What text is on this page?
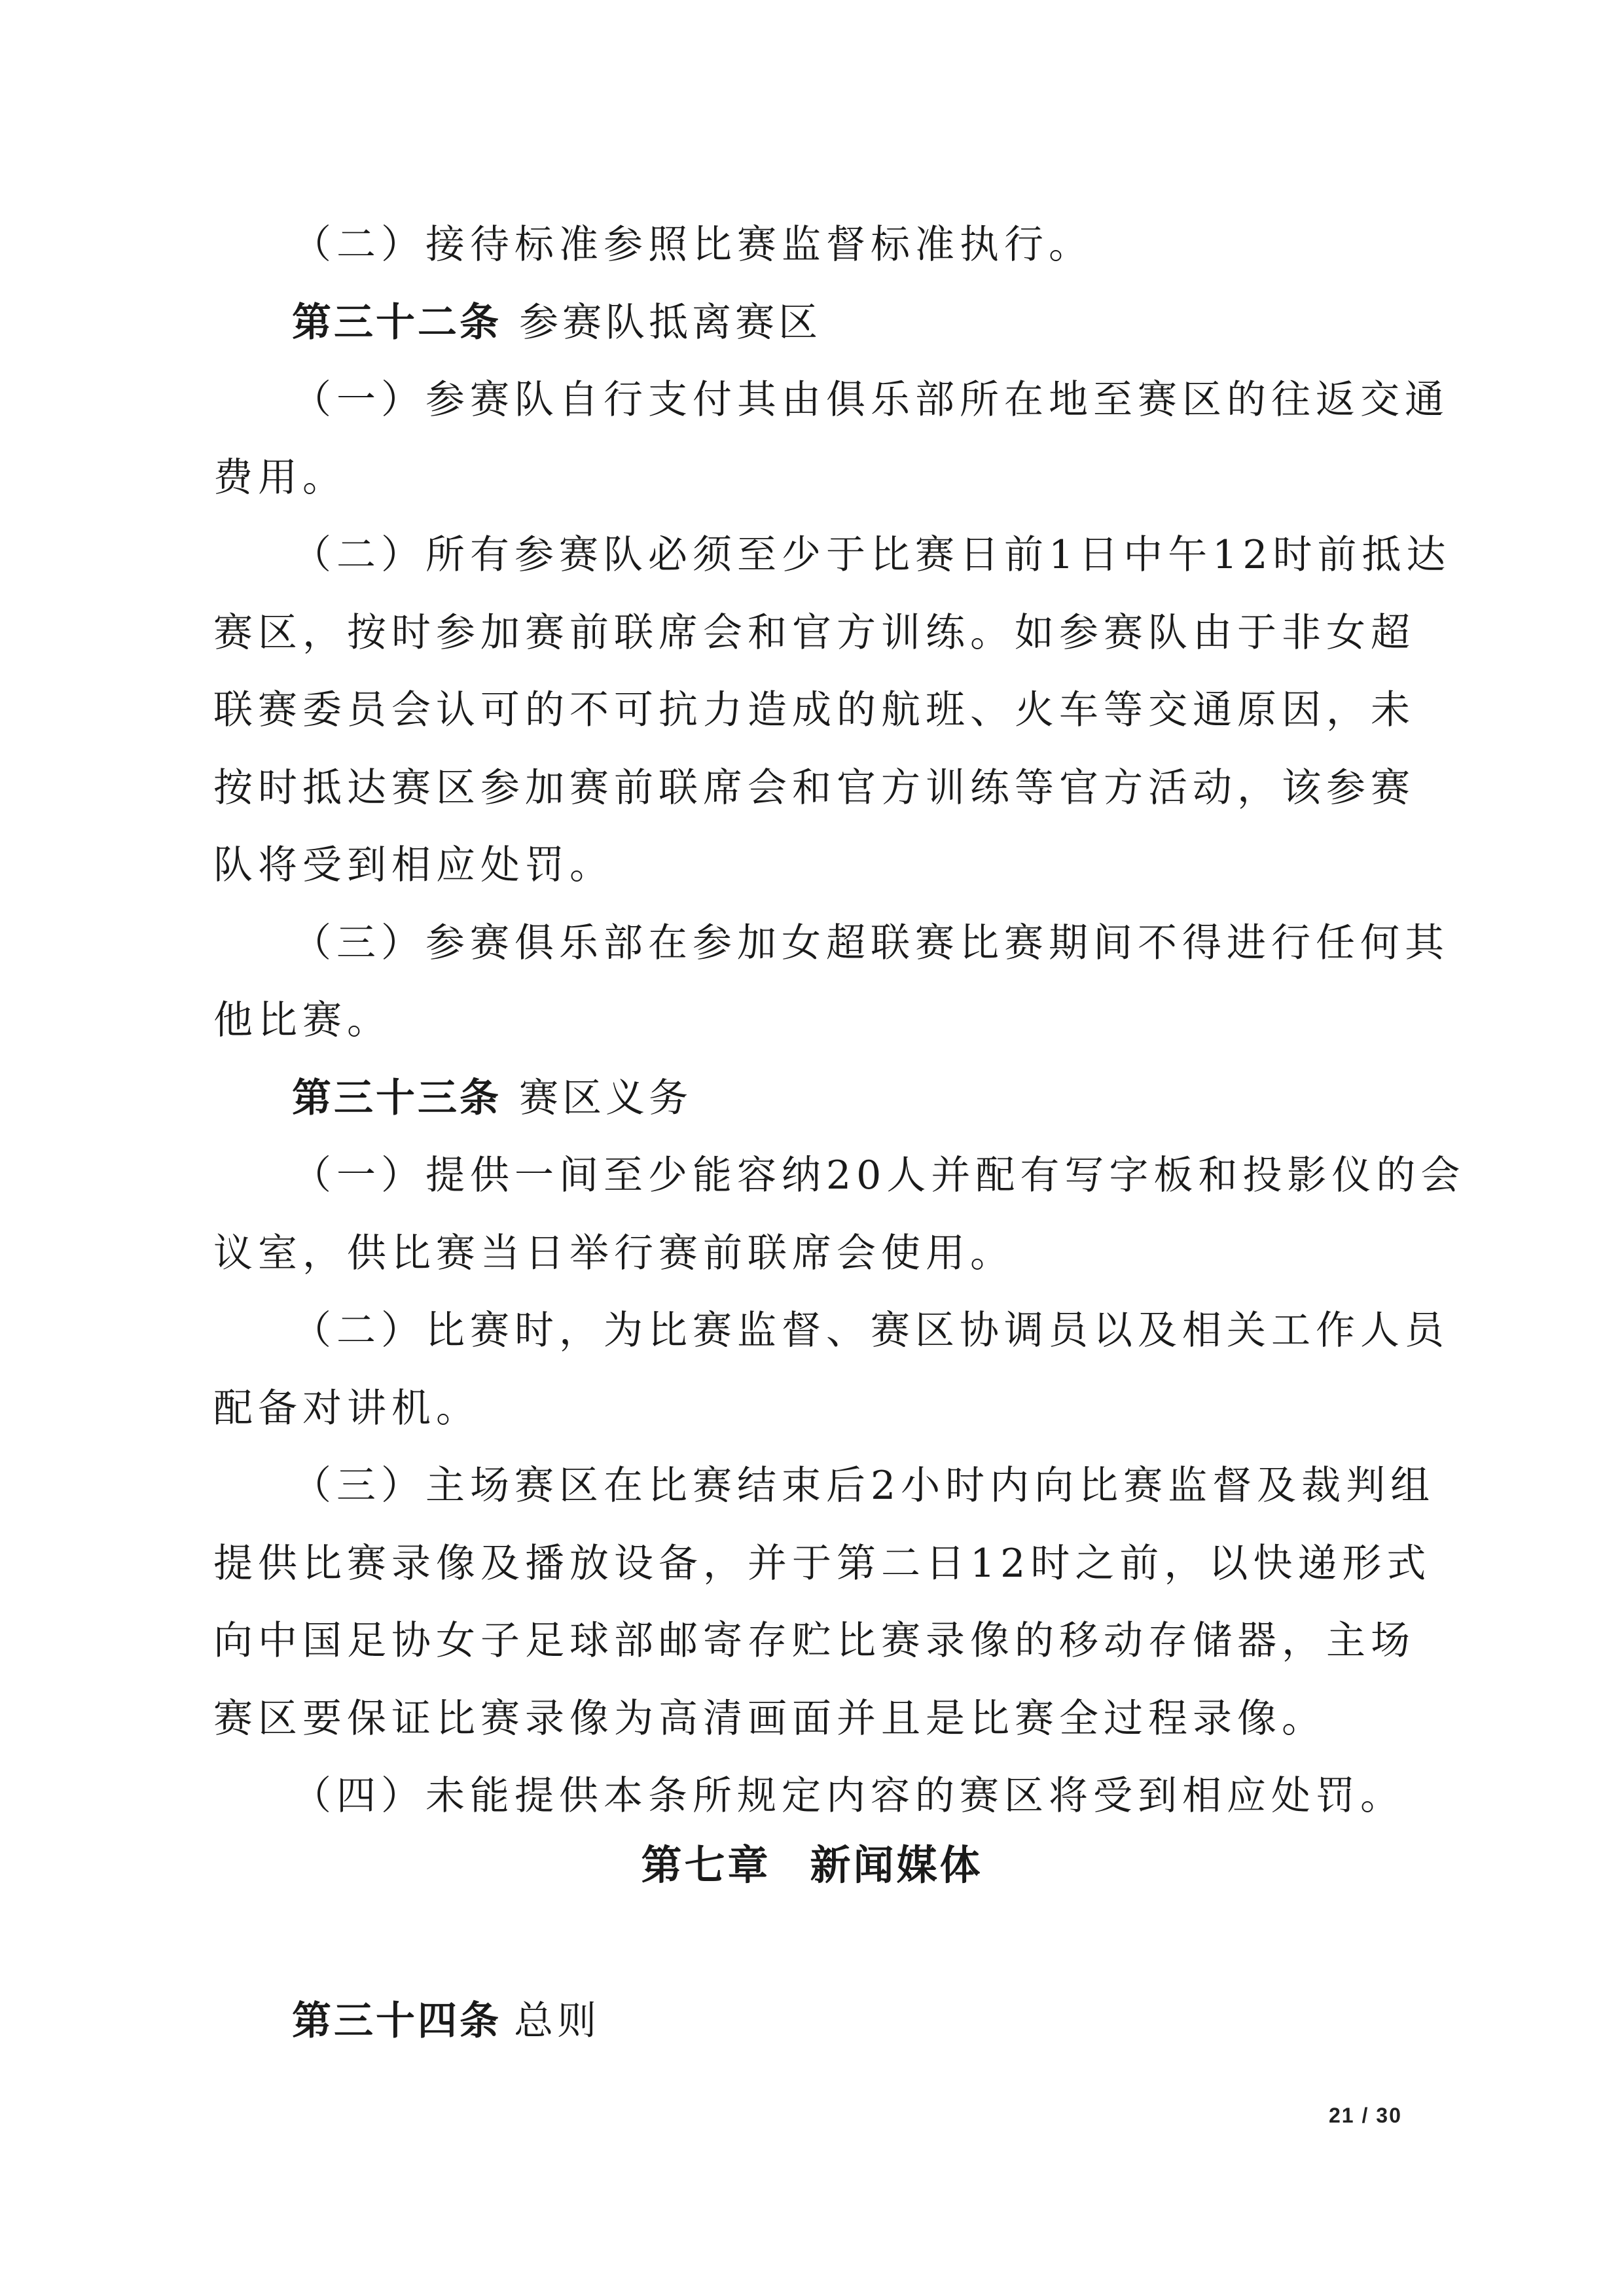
（二）接待标准参照比赛监督标准执行。
第三十二条 参赛队抵离赛区
（一）参赛队自行支付其由俱乐部所在地至赛区的往返交通
费用。
（二）所有参赛队必须至少于比赛日前1日中午12时前抵达
赛区，按时参加赛前联席会和官方训练。如参赛队由于非女超
联赛委员会认可的不可抗力造成的航班、火车等交通原因，未
按时抵达赛区参加赛前联席会和官方训练等官方活动，该参赛
队将受到相应处罚。
（三）参赛俱乐部在参加女超联赛比赛期间不得进行任何其
他比赛。
第三十三条 赛区义务
（一）提供一间至少能容纳20人并配有写字板和投影仪的会
议室，供比赛当日举行赛前联席会使用。
（二）比赛时，为比赛监督、赛区协调员以及相关工作人员
配备对讲机。
（三）主场赛区在比赛结束后2小时内向比赛监督及裁判组
提供比赛录像及播放设备，并于第二日12时之前，以快递形式
向中国足协女子足球部邮寄存贮比赛录像的移动存储器，主场
赛区要保证比赛录像为高清画面并且是比赛全过程录像。
（四）未能提供本条所规定内容的赛区将受到相应处罚。
第七章 新闻媒体
第三十四条 总则
21 / 30
